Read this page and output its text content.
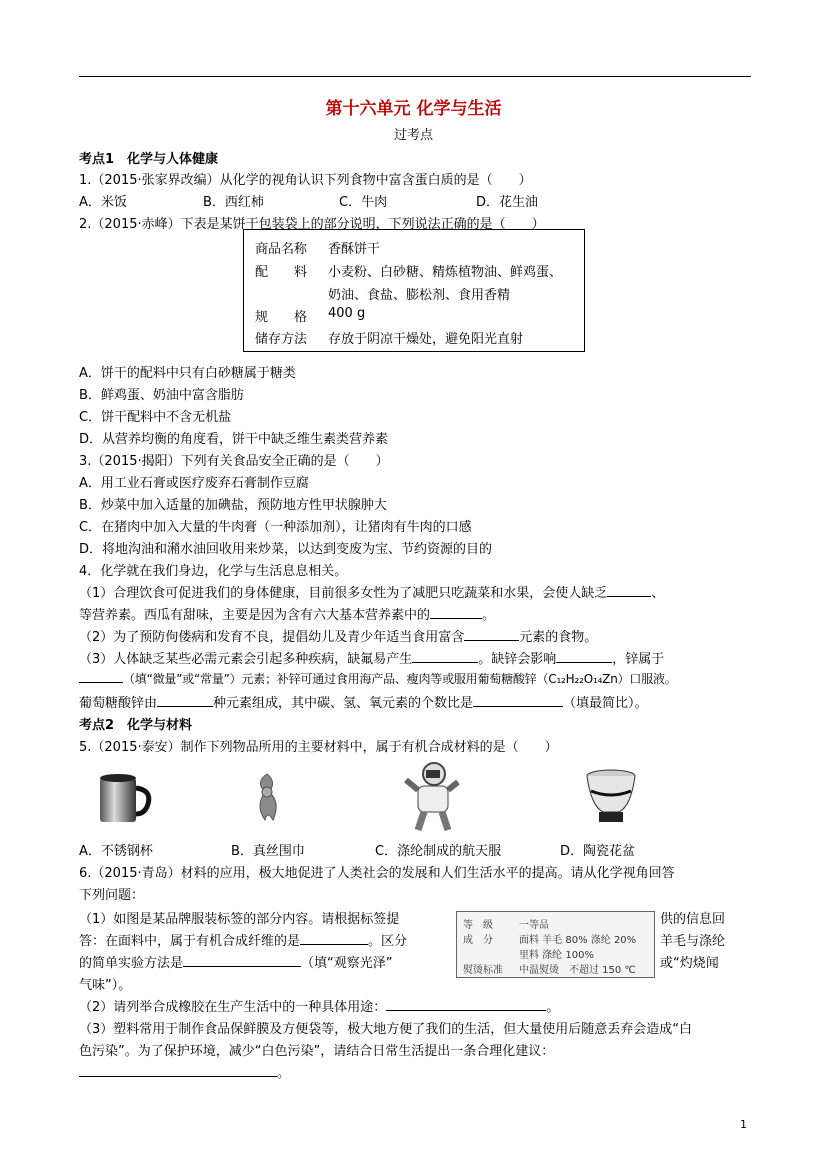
第十六单元 化学与生活
过考点
考点1　化学与人体健康
1.（2015·张家界改编）从化学的视角认识下列食物中富含蛋白质的是（　　）
A．米饭	B．西红柿	C．牛肉	D．花生油
2.（2015·赤峰）下表是某饼干包装袋上的部分说明，下列说法正确的是（　　）
商品名称 香酥饼干
配　　料 小麦粉、白砂糖、精炼植物油、鲜鸡蛋、
奶油、食盐、膨松剂、食用香精
规　　格 400 g
储存方法 存放于阴凉干燥处，避免阳光直射
A．饼干的配料中只有白砂糖属于糖类
B．鲜鸡蛋、奶油中富含脂肪
C．饼干配料中不含无机盐
D．从营养均衡的角度看，饼干中缺乏维生素类营养素
3.（2015·揭阳）下列有关食品安全正确的是（　　）
A．用工业石膏或医疗废弃石膏制作豆腐
B．炒菜中加入适量的加碘盐，预防地方性甲状腺肿大
C．在猪肉中加入大量的牛肉膏（一种添加剂），让猪肉有牛肉的口感
D．将地沟油和潲水油回收用来炒菜，以达到变废为宝、节约资源的目的
4．化学就在我们身边，化学与生活息息相关。
（1）合理饮食可促进我们的身体健康，目前很多女性为了减肥只吃蔬菜和水果，会使人缺乏	、
等营养素。西瓜有甜味，主要是因为含有六大基本营养素中的	。
（2）为了预防佝偻病和发育不良，提倡幼儿及青少年适当食用富含	元素的食物。
（3）人体缺乏某些必需元素会引起多种疾病，缺氟易产生	。缺锌会影响	，锌属于
（填“微量”或“常量”）元素；补锌可通过食用海产品、瘦肉等或服用葡萄糖酸锌（C₁₂H₂₂O₁₄Zn）口服液。
葡萄糖酸锌由	种元素组成，其中碳、氢、氧元素的个数比是	（填最简比）。
考点2　化学与材料
5.（2015·泰安）制作下列物品所用的主要材料中，属于有机合成材料的是（　　）
A．不锈钢杯	B．真丝围巾	C．涤纶制成的航天服	D．陶瓷花盆
6.（2015·青岛）材料的应用，极大地促进了人类社会的发展和人们生活水平的提高。请从化学视角回答
下列问题：
（1）如图是某品牌服装标签的部分内容。请根据标签提	供的信息回
答：在面料中，属于有机合成纤维的是	。区分	羊毛与涤纶
的简单实验方法是	（填“观察光泽”	或“灼烧闻
气味”）。
等　级	一等品
成　分	面料 羊毛 80% 涤纶 20%
里料 涤纶 100%
熨烫标准 中温熨烫　不超过 150 ℃
（2）请列举合成橡胶在生产生活中的一种具体用途：	。
（3）塑料常用于制作食品保鲜膜及方便袋等，极大地方便了我们的生活，但大量使用后随意丢弃会造成“白
色污染”。为了保护环境，减少“白色污染”，请结合日常生活提出一条合理化建议：
。
1
